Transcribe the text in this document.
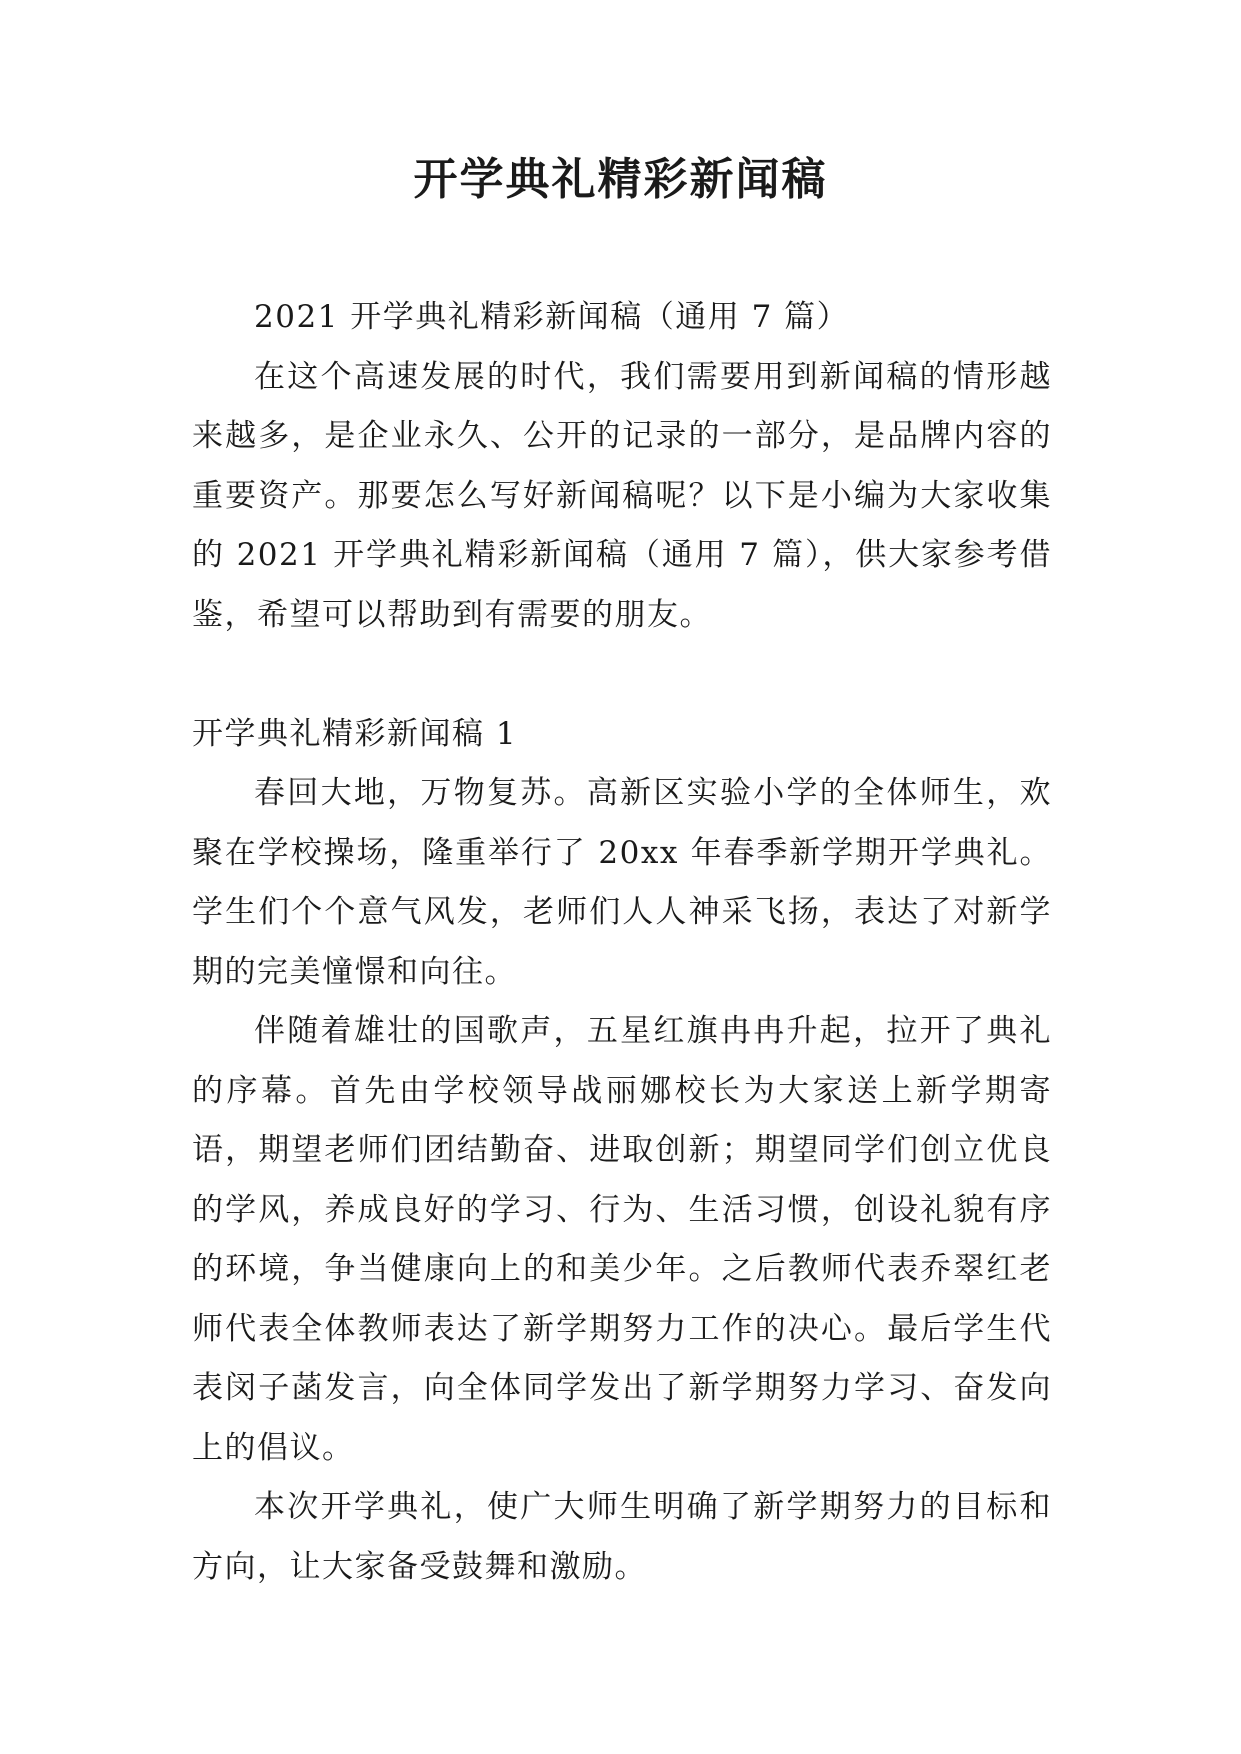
开学典礼精彩新闻稿

2021 开学典礼精彩新闻稿（通用 7 篇）

在这个高速发展的时代，我们需要用到新闻稿的情形越来越多，是企业永久、公开的记录的一部分，是品牌内容的重要资产。那要怎么写好新闻稿呢？以下是小编为大家收集的 2021 开学典礼精彩新闻稿（通用 7 篇），供大家参考借鉴，希望可以帮助到有需要的朋友。

开学典礼精彩新闻稿 1

春回大地，万物复苏。高新区实验小学的全体师生，欢聚在学校操场，隆重举行了 20xx 年春季新学期开学典礼。学生们个个意气风发，老师们人人神采飞扬，表达了对新学期的完美憧憬和向往。

伴随着雄壮的国歌声，五星红旗冉冉升起，拉开了典礼的序幕。首先由学校领导战丽娜校长为大家送上新学期寄语，期望老师们团结勤奋、进取创新；期望同学们创立优良的学风，养成良好的学习、行为、生活习惯，创设礼貌有序的环境，争当健康向上的和美少年。之后教师代表乔翠红老师代表全体教师表达了新学期努力工作的决心。最后学生代表闵子菡发言，向全体同学发出了新学期努力学习、奋发向上的倡议。

本次开学典礼，使广大师生明确了新学期努力的目标和方向，让大家备受鼓舞和激励。
